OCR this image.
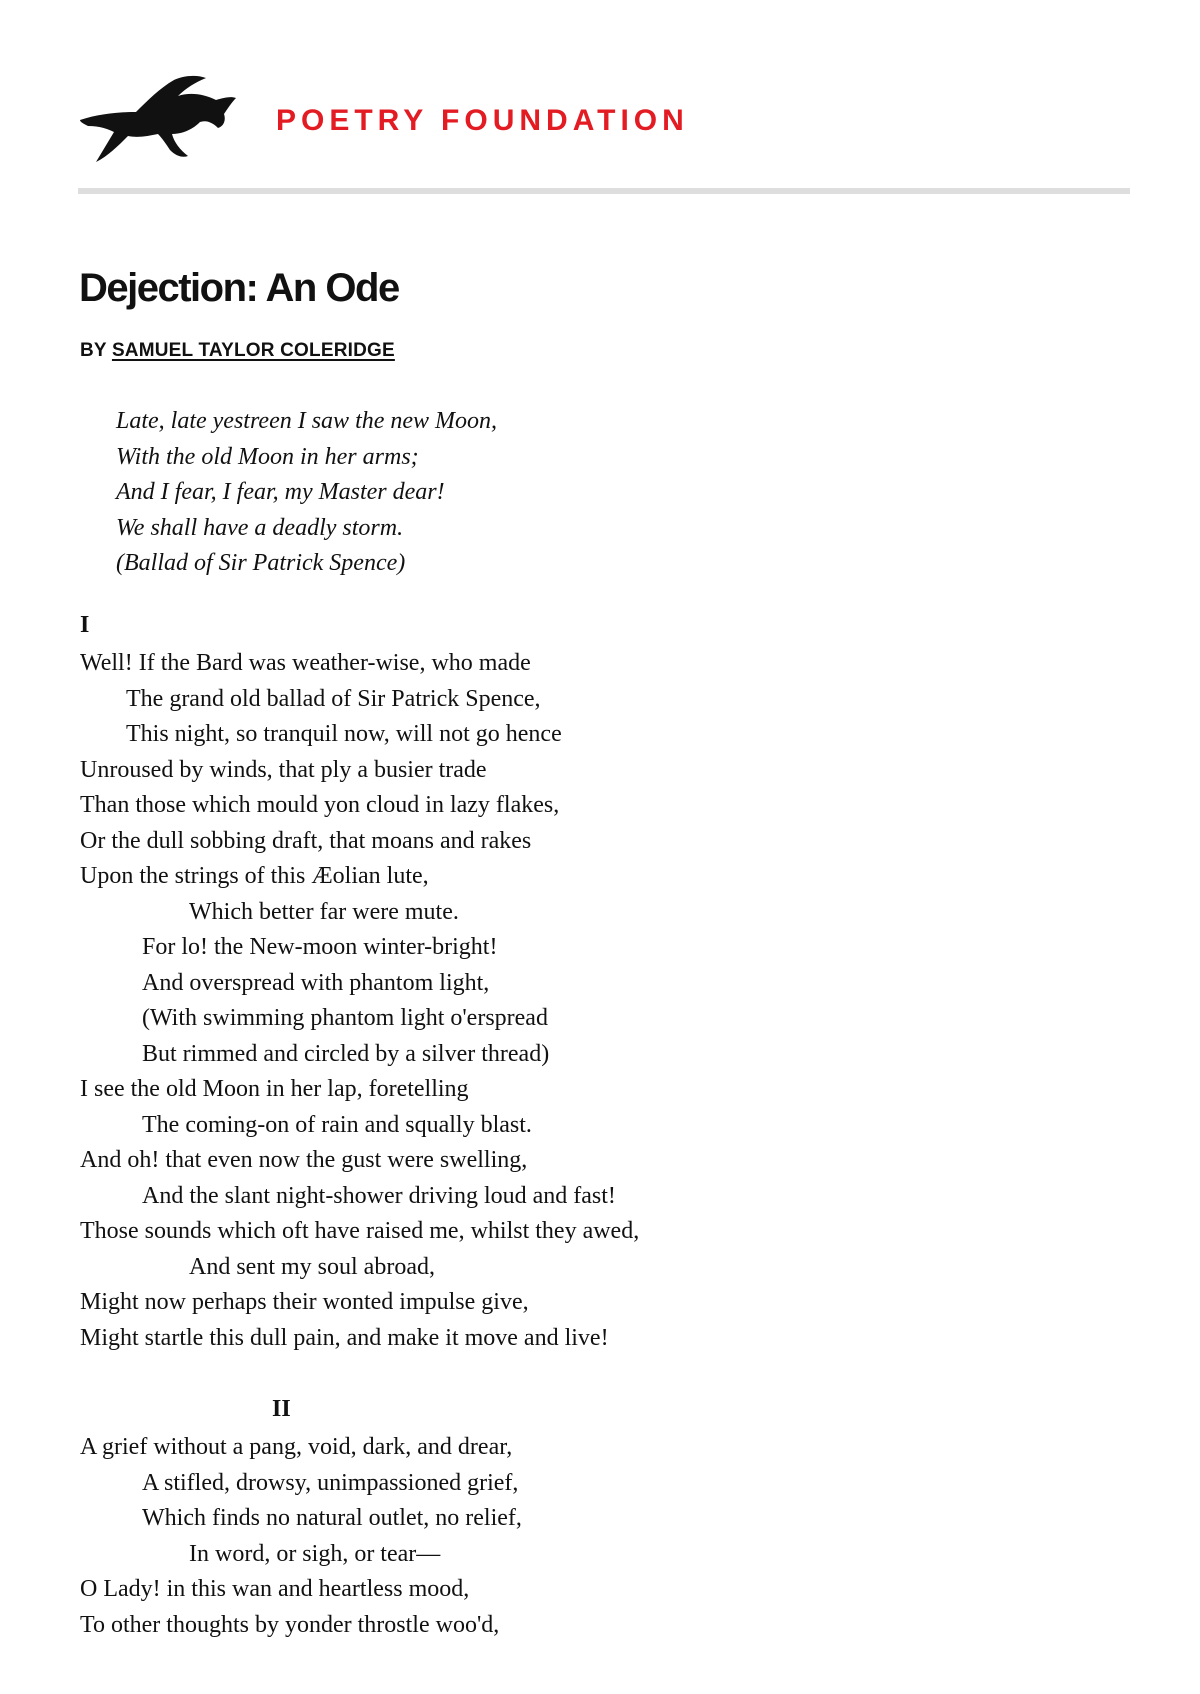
POETRY FOUNDATION
Dejection: An Ode
BY SAMUEL TAYLOR COLERIDGE
Late, late yestreen I saw the new Moon,
With the old Moon in her arms;
And I fear, I fear, my Master dear!
We shall have a deadly storm.
(Ballad of Sir Patrick Spence)
I
Well! If the Bard was weather-wise, who made
The grand old ballad of Sir Patrick Spence,
This night, so tranquil now, will not go hence
Unroused by winds, that ply a busier trade
Than those which mould yon cloud in lazy flakes,
Or the dull sobbing draft, that moans and rakes
Upon the strings of this Æolian lute,
Which better far were mute.
For lo! the New-moon winter-bright!
And overspread with phantom light,
(With swimming phantom light o'erspread
But rimmed and circled by a silver thread)
I see the old Moon in her lap, foretelling
The coming-on of rain and squally blast.
And oh! that even now the gust were swelling,
And the slant night-shower driving loud and fast!
Those sounds which oft have raised me, whilst they awed,
And sent my soul abroad,
Might now perhaps their wonted impulse give,
Might startle this dull pain, and make it move and live!
II
A grief without a pang, void, dark, and drear,
A stifled, drowsy, unimpassioned grief,
Which finds no natural outlet, no relief,
In word, or sigh, or tear—
O Lady! in this wan and heartless mood,
To other thoughts by yonder throstle woo'd,
